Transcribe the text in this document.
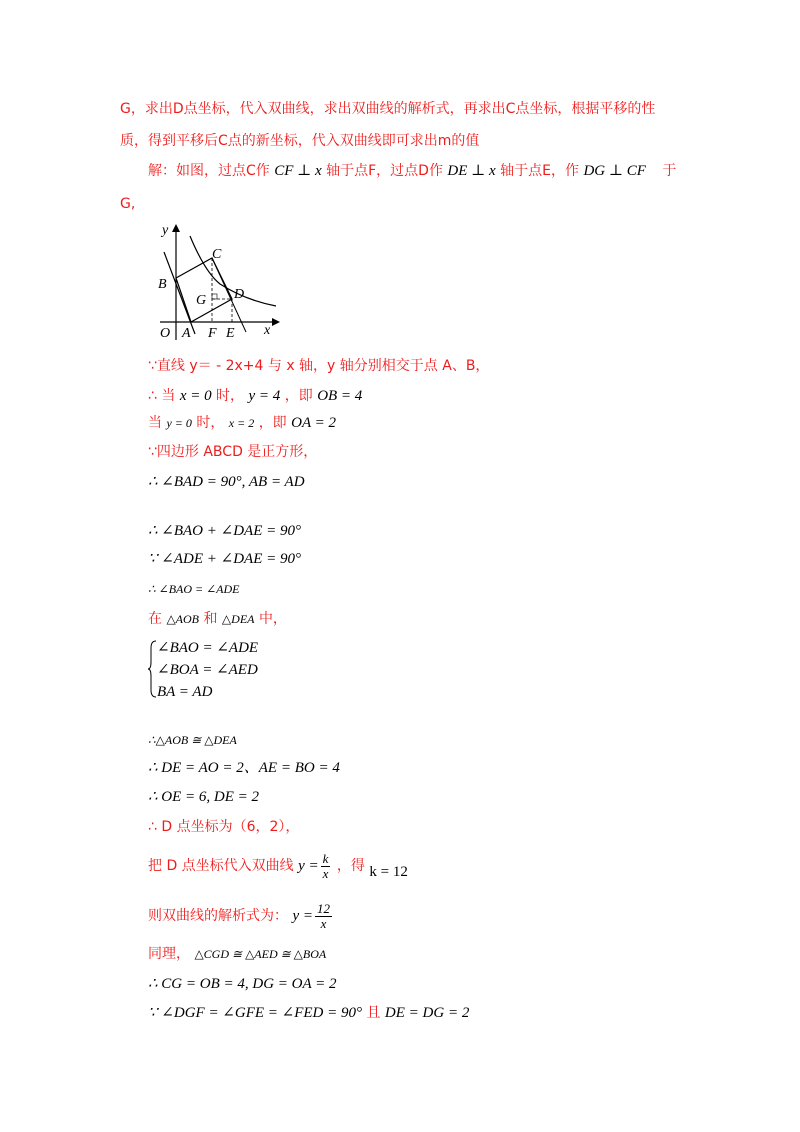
G，求出D点坐标，代入双曲线，求出双曲线的解析式，再求出C点坐标，根据平移的性
质，得到平移后C点的新坐标，代入双曲线即可求出m的值
解：如图，过点C作 CF ⊥ x 轴于点F，过点D作 DE ⊥ x 轴于点E，作 DG ⊥ CF 于
G,
y
x
O A
B
C
D
G
F E
∵直线 y＝ - 2x+4 与 x 轴，y 轴分别相交于点 A、B，
∴ 当 x = 0 时， y = 4 ，即 OB = 4
当 y = 0 时， x = 2 ，即 OA = 2
∵四边形 ABCD 是正方形，
∴ ∠BAD = 90°, AB = AD
∴ ∠BAO + ∠DAE = 90°
∵ ∠ADE + ∠DAE = 90°
∴ ∠BAO = ∠ADE
在 △AOB 和 △DEA 中，
∠BAO = ∠ADE
∠BOA = ∠AED
BA = AD
∴△AOB ≅ △DEA
∴ DE = AO = 2、AE = BO = 4
∴ OE = 6, DE = 2
∴ D 点坐标为（6，2），
把 D 点坐标代入双曲线 $y = \frac{k}{x}$ ，得 k = 12
则双曲线的解析式为： $y = \frac{12}{x}$
同理， △CGD ≅ △AED ≅ △BOA
∴ CG = OB = 4, DG = OA = 2
∵ ∠DGF = ∠GFE = ∠FED = 90° 且 DE = DG = 2
